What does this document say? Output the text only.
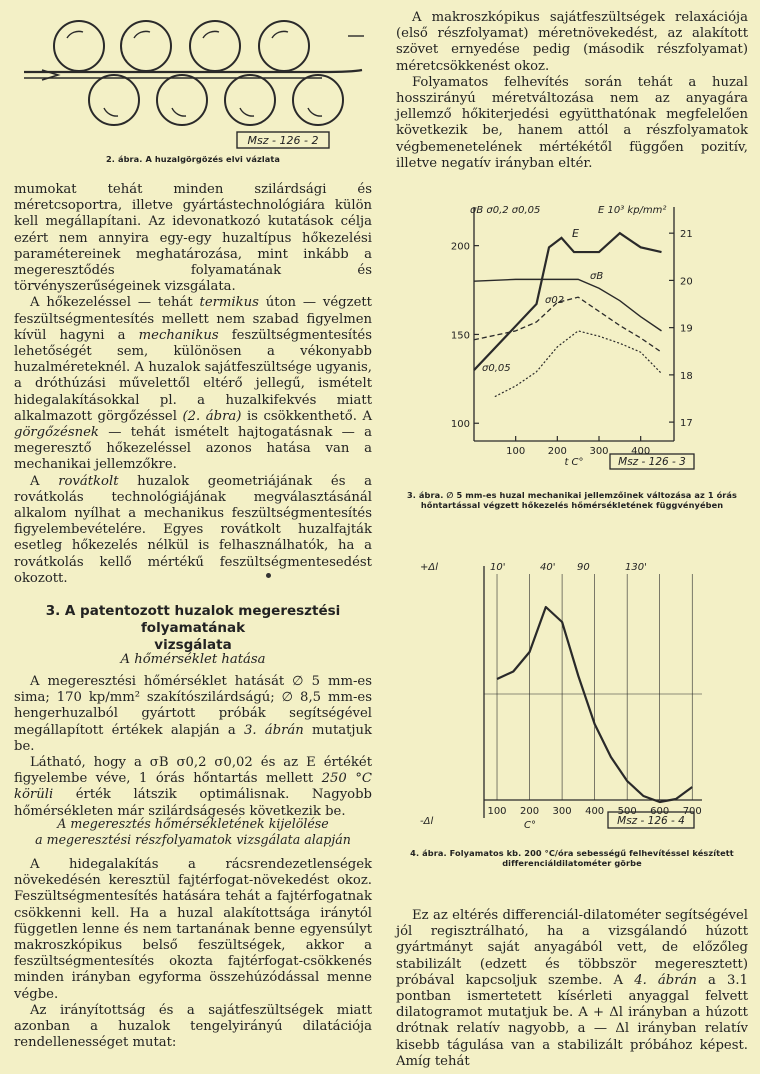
Msz - 126 - 2
2. ábra. A huzalgörgözés elvi vázlata

mumokat tehát minden szilárdsági és méretcsoportra, illetve gyártástechnológiára külön kell megállapítani. Az idevonatkozó kutatások célja ezért nem annyira egy-egy huzaltípus hőkezelési paramétereinek meghatározása, mint inkább a megeresztődés folyamatának és törvényszerűségeinek vizsgálata.

A hőkezeléssel — tehát termikus úton — végzett feszültségmentesítés mellett nem szabad figyelmen kívül hagyni a mechanikus feszültségmentesítés lehetőségét sem, különösen a vékonyabb huzalméreteknél. A huzalok sajátfeszültsége ugyanis, a dróthúzási művelettől eltérő jellegű, ismételt hidegalakításokkal pl. a huzalkifekvés miatt alkalmazott görgőzéssel (2. ábra) is csökkenthető. A görgőzésnek — tehát ismételt hajtogatásnak — a megeresztő hőkezeléssel azonos hatása van a mechanikai jellemzőkre.

A rovátkolt huzalok geometriájának és a rovátkolás technológiájának megválasztásánál alkalom nyílhat a mechanikus feszültségmentesítés figyelembevételére. Egyes rovátkolt huzalfajták esetleg hőkezelés nélkül is felhasználhatók, ha a rovátkolás kellő mértékű feszültségmentesedést okozott.

3. A patentozott huzalok megeresztési folyamatának
vizsgálata
A hőmérséklet hatása

A megeresztési hőmérséklet hatását ∅ 5 mm-es sima; 170 kp/mm² szakítószilárdságú; ∅ 8,5 mm-es hengerhuzalból gyártott próbák segítségével megállapított értékek alapján a 3. ábrán mutatjuk be.

Látható, hogy a σB σ0,2 σ0,02 és az E értékét figyelembe véve, 1 órás hőntartás mellett 250 °C körüli érték látszik optimálisnak. Nagyobb hőmérsékleten már szilárdságesés következik be.

A megeresztés hőmérsékletének kijelölése
a megeresztési részfolyamatok vizsgálata alapján

A hidegalakítás a rácsrendezetlenségek növekedésén keresztül fajtérfogat-növekedést okoz. Feszültségmentesítés hatására tehát a fajtérfogatnak csökkenni kell. Ha a huzal alakítottsága iránytól független lenne és nem tartanának benne egyensúlyt makroszkópikus belső feszültségek, akkor a feszültségmentesítés okozta fajtérfogat-csökkenés minden irányban egyforma összehúzódással menne végbe.

Az irányítottság és a sajátfeszültségek miatt azonban a huzalok tengelyirányú dilatációja rendellenességet mutat:

A makroszkópikus sajátfeszültségek relaxációja (első részfolyamat) méretnövekedést, az alakított szövet ernyedése pedig (második részfolyamat) méretcsökkenést okoz.

Folyamatos felhevítés során tehát a huzal hosszirányú méretváltozása nem az anyagára jellemző hőkiterjedési együtthatónak megfelelően következik be, hanem attól a részfolyamatok végbemenetelének mértékétől függően pozitív, illetve negatív irányban eltér.

100
150
200
17
18
19
20
21
100 200 300 400
σB σ0,2 σ0,05	E 10³ kp/mm²
t C°	Msz - 126 - 3
E
σB
σ02
σ0,05
3. ábra. ∅ 5 mm-es huzal mechanikai jellemzőinek változása az 1 órás
hőntartással végzett hőkezelés hőmérsékletének függvényében
100 200 300 400 500 600 700
10'	40' 90	130'
+Δl
-Δl	C°	Msz - 126 - 4
4. ábra. Folyamatos kb. 200 °C/óra sebességű felhevítéssel készített
differenciáldilatométer görbe

Ez az eltérés differenciál-dilatométer segítségével jól regisztrálható, ha a vizsgálandó húzott gyártmányt saját anyagából vett, de előzőleg stabilizált (edzett és többször megeresztett) próbával kapcsoljuk szembe. A 4. ábrán a 3.1 pontban ismertetett kísérleti anyaggal felvett dilatogramot mutatjuk be. A + Δl irányban a húzott drótnak relatív nagyobb, a — Δl irányban relatív kisebb tágulása van a stabilizált próbához képest. Amíg tehát
